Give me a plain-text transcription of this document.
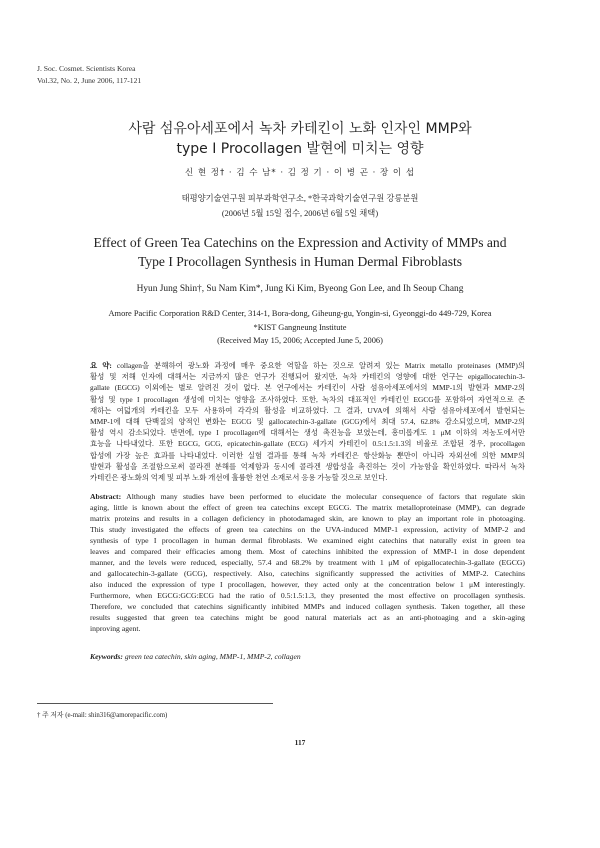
J. Soc. Cosmet. Scientists Korea
Vol.32, No. 2, June 2006, 117-121
사람 섬유아세포에서 녹차 카테킨이 노화 인자인 MMP와
type I Procollagen 발현에 미치는 영향
신 현 정† · 김 수 남* · 김 정 기 · 이 병 곤 · 장 이 섭
태평양기술연구원 피부과학연구소, *한국과학기술연구원 강릉분원
(2006년 5월 15일 접수, 2006년 6월 5일 채택)
Effect of Green Tea Catechins on the Expression and Activity of MMPs and
Type I Procollagen Synthesis in Human Dermal Fibroblasts
Hyun Jung Shin†, Su Nam Kim*, Jung Ki Kim, Byeong Gon Lee, and Ih Seoup Chang
Amore Pacific Corporation R&D Center, 314-1, Bora-dong, Giheung-gu, Yongin-si, Gyeonggi-do 449-729, Korea
*KIST Gangneung Institute
(Received May 15, 2006; Accepted June 5, 2006)
요 약: collagen을 분해하여 광노화 과정에 매우 중요한 역할을 하는 것으로 알려져 있는 Matrix metallo proteinases (MMP)의
활성 및 저해 인자에 대해서는 지금까지 많은 연구가 진행되어 왔지만, 녹차 카테킨의 영향에 대한 연구는 epigallocatechin-3-
gallate (EGCG) 이외에는 별로 알려진 것이 없다. 본 연구에서는 카테킨이 사람 섬유아세포에서의 MMP-1의 발현과 MMP-2의
활성 및 type I procollagen 생성에 미치는 영향을 조사하였다. 또한, 녹차의 대표적인 카테킨인 EGCG를 포함하여 자연적으로 존
재하는 여덟개의 카테킨을 모두 사용하여 각각의 활성을 비교하였다. 그 결과, UVA에 의해서 사람 섬유아세포에서 발현되는
MMP-1에 대해 단백질의 양적인 변화는 EGCG 및 gallocatechin-3-gallate (GCG)에서 최대 57.4, 62.8% 감소되었으며, MMP-2의
활성 역시 감소되었다. 반면에, type I procollagen에 대해서는 생성 촉진능을 보였는데, 흥미롭게도 1 μM 이하의 저농도에서만
효능을 나타내었다. 또한 EGCG, GCG, epicatechin-gallate (ECG) 세가지 카테킨이 0.5:1.5:1.3의 비율로 조합된 경우, procollagen
합성에 가장 높은 효과를 나타내었다. 이러한 실험 결과를 통해 녹차 카테킨은 항산화능 뿐만이 아니라 자외선에 의한 MMP의
발현과 활성을 조절함으로써 콜라겐 분해를 억제함과 동시에 콜라겐 생합성을 촉진하는 것이 가능함을 확인하였다. 따라서 녹차
카테킨은 광노화의 억제 및 피부 노화 개선에 훌륭한 천연 소재로서 응용 가능할 것으로 보인다.
Abstract: Although many studies have been performed to elucidate the molecular consequence of factors that regulate skin
aging, little is known about the effect of green tea catechins except EGCG. The matrix metalloproteinase (MMP), can degrade
matrix proteins and results in a collagen deficiency in photodamaged skin, are known to play an important role in photoaging.
This study investigated the effects of green tea catechins on the UVA-induced MMP-1 expression, activity of MMP-2 and
synthesis of type I procollagen in human dermal fibroblasts. We examined eight catechins that naturally exist in green tea
leaves and compared their efficacies among them. Most of catechins inhibited the expression of MMP-1 in dose dependent
manner, and the levels were reduced, especially, 57.4 and 68.2% by treatment with 1 μM of epigallocatechin-3-gallate (EGCG)
and gallocatechin-3-gallate (GCG), respectively. Also, catechins significantly suppressed the activities of MMP-2. Catechins
also induced the expression of type I procollagen, however, they acted only at the concentration below 1 μM interestingly.
Furthermore, when EGCG:GCG:ECG had the ratio of 0.5:1.5:1.3, they presented the most effective on procollagen synthesis.
Therefore, we concluded that catechins significantly inhibited MMPs and induced collagen synthesis. Taken together, all these
results suggested that green tea catechins might be good natural materials act as an anti-photoaging and a skin-aging
inproving agent.
Keywords: green tea catechin, skin aging, MMP-1, MMP-2, collagen
† 주 저자 (e-mail: shin316@amorepacific.com)
117
